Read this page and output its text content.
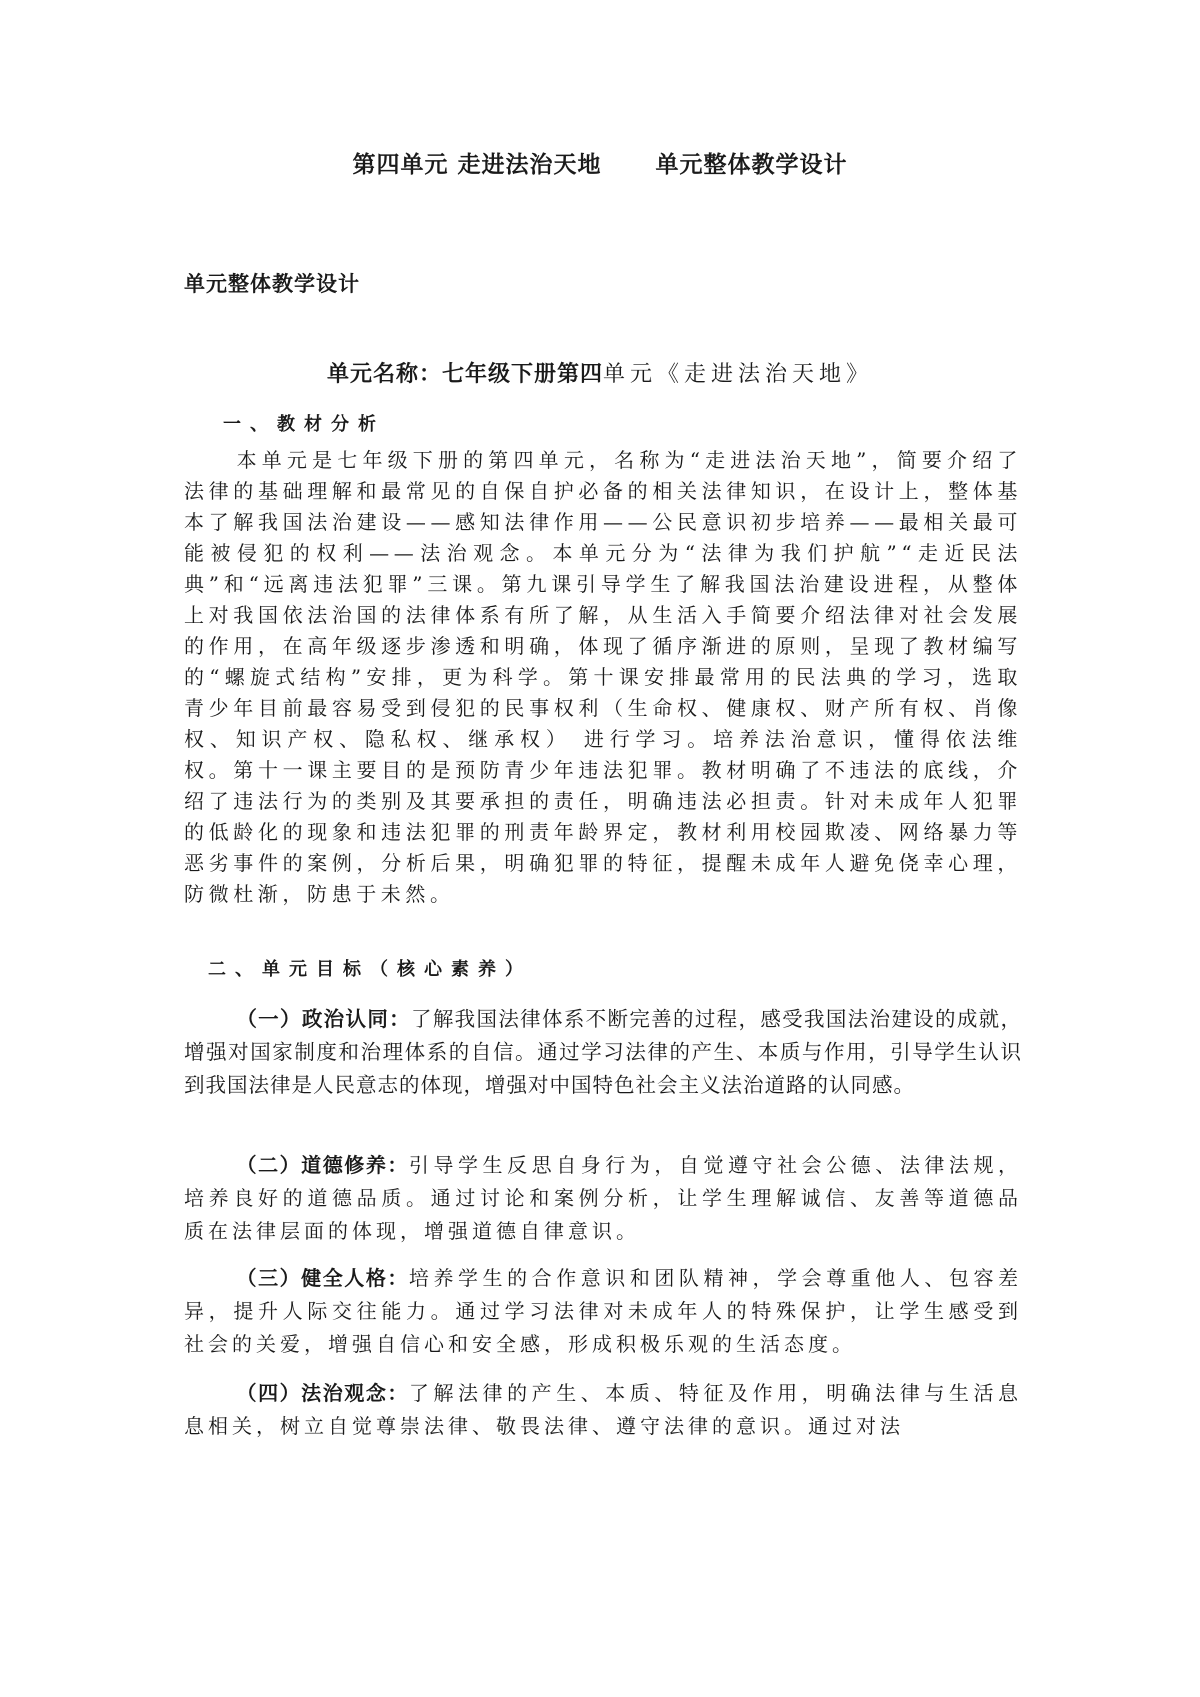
第四单元 走进法治天地      单元整体教学设计
单元整体教学设计
单元名称：七年级下册第四单元《走进法治天地》
一、教材分析

本单元是七年级下册的第四单元，名称为“走进法治天地”，简要介绍了法律的基础理解和最常见的自保自护必备的相关法律知识，在设计上，整体基本了解我国法治建设——感知法律作用——公民意识初步培养——最相关最可能被侵犯的权利——法治观念。本单元分为“法律为我们护航”“走近民法典”和“远离违法犯罪”三课。第九课引导学生了解我国法治建设进程，从整体上对我国依法治国的法律体系有所了解，从生活入手简要介绍法律对社会发展的作用，在高年级逐步渗透和明确，体现了循序渐进的原则，呈现了教材编写的“螺旋式结构”安排，更为科学。第十课安排最常用的民法典的学习，选取青少年目前最容易受到侵犯的民事权利（生命权、健康权、财产所有权、肖像权、知识产权、隐私权、继承权） 进行学习。培养法治意识，懂得依法维权。第十一课主要目的是预防青少年违法犯罪。教材明确了不违法的底线，介绍了违法行为的类别及其要承担的责任，明确违法必担责。针对未成年人犯罪的低龄化的现象和违法犯罪的刑责年龄界定，教材利用校园欺凌、网络暴力等恶劣事件的案例，分析后果，明确犯罪的特征，提醒未成年人避免侥幸心理，防微杜渐，防患于未然。

二、单元目标（核心素养）

（一）政治认同：了解我国法律体系不断完善的过程，感受我国法治建设的成就，增强对国家制度和治理体系的自信。通过学习法律的产生、本质与作用，引导学生认识到我国法律是人民意志的体现，增强对中国特色社会主义法治道路的认同感。

（二）道德修养：引导学生反思自身行为，自觉遵守社会公德、法律法规，培养良好的道德品质。通过讨论和案例分析，让学生理解诚信、友善等道德品质在法律层面的体现，增强道德自律意识。

（三）健全人格：培养学生的合作意识和团队精神，学会尊重他人、包容差异，提升人际交往能力。通过学习法律对未成年人的特殊保护，让学生感受到社会的关爱，增强自信心和安全感，形成积极乐观的生活态度。

（四）法治观念：了解法律的产生、本质、特征及作用，明确法律与生活息息相关，树立自觉尊崇法律、敬畏法律、遵守法律的意识。通过对法
